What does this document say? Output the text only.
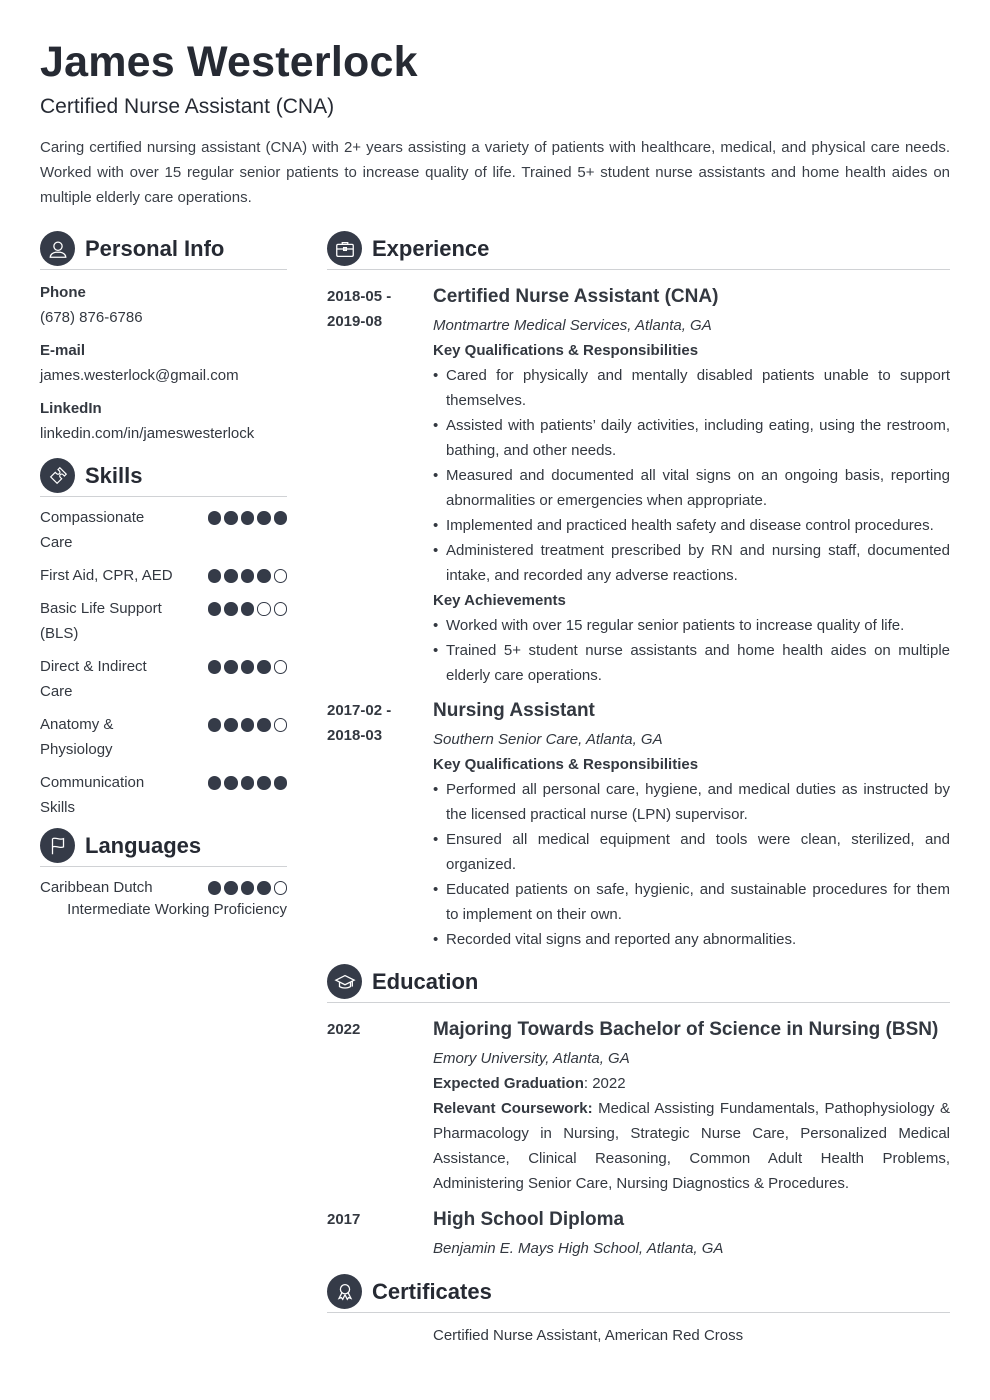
James Westerlock
Certified Nurse Assistant (CNA)
Caring certified nursing assistant (CNA) with 2+ years assisting a variety of patients with healthcare, medical, and physical care needs. Worked with over 15 regular senior patients to increase quality of life. Trained 5+ student nurse assistants and home health aides on multiple elderly care operations.
Personal Info
Phone
(678) 876-6786
E-mail
james.westerlock@gmail.com
LinkedIn
linkedin.com/in/jameswesterlock
Skills
Compassionate Care
First Aid, CPR, AED
Basic Life Support (BLS)
Direct & Indirect Care
Anatomy & Physiology
Communication Skills
Languages
Caribbean Dutch
Intermediate Working Proficiency
Experience
2018-05 -
2019-08
Certified Nurse Assistant (CNA)
Montmartre Medical Services, Atlanta, GA
Key Qualifications & Responsibilities
• Cared for physically and mentally disabled patients unable to support themselves.
• Assisted with patients’ daily activities, including eating, using the restroom, bathing, and other needs.
• Measured and documented all vital signs on an ongoing basis, reporting abnormalities or emergencies when appropriate.
• Implemented and practiced health safety and disease control procedures.
• Administered treatment prescribed by RN and nursing staff, documented intake, and recorded any adverse reactions.
Key Achievements
• Worked with over 15 regular senior patients to increase quality of life.
• Trained 5+ student nurse assistants and home health aides on multiple elderly care operations.
2017-02 -
2018-03
Nursing Assistant
Southern Senior Care, Atlanta, GA
Key Qualifications & Responsibilities
• Performed all personal care, hygiene, and medical duties as instructed by the licensed practical nurse (LPN) supervisor.
• Ensured all medical equipment and tools were clean, sterilized, and organized.
• Educated patients on safe, hygienic, and sustainable procedures for them to implement on their own.
• Recorded vital signs and reported any abnormalities.
Education
2022	Majoring Towards Bachelor of Science in Nursing (BSN)
Emory University, Atlanta, GA
Expected Graduation: 2022
Relevant Coursework: Medical Assisting Fundamentals, Pathophysiology & Pharmacology in Nursing, Strategic Nurse Care, Personalized Medical Assistance, Clinical Reasoning, Common Adult Health Problems, Administering Senior Care, Nursing Diagnostics & Procedures.
2017	High School Diploma
Benjamin E. Mays High School, Atlanta, GA
Certificates
Certified Nurse Assistant, American Red Cross
